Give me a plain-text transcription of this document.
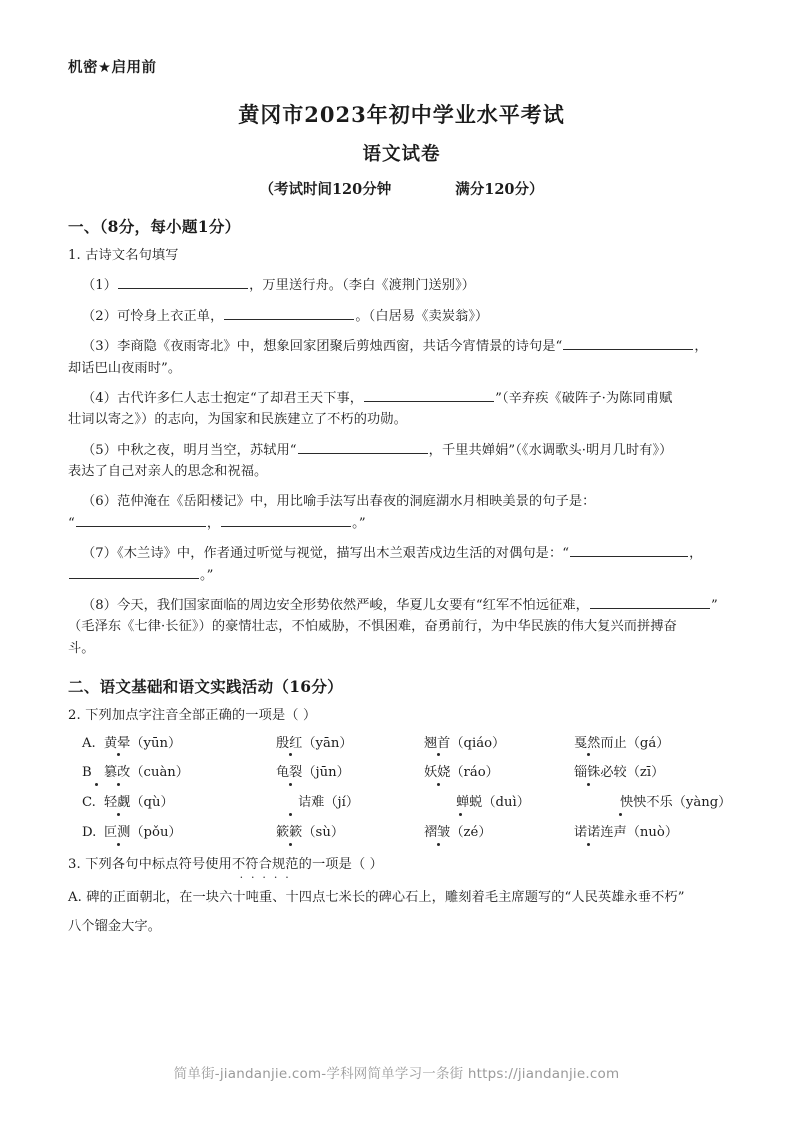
机密★启用前
黄冈市2023年初中学业水平考试
语文试卷
（考试时间120分钟	满分120分）
一、（8分，每小题1分）
1. 古诗文名句填写
（1）	，万里送行舟。（李白《渡荆门送别》）
（2）可怜身上衣正单，	。（白居易《卖炭翁》）
（3）李商隐《夜雨寄北》中，想象回家团聚后剪烛西窗，共话今宵情景的诗句是“	，
却话巴山夜雨时”。
（4）古代许多仁人志士抱定“了却君王天下事，	”（辛弃疾《破阵子·为陈同甫赋
壮词以寄之》）的志向，为国家和民族建立了不朽的功勋。
（5）中秋之夜，明月当空，苏轼用“	，千里共婵娟”（《水调歌头·明月几时有》）
表达了自己对亲人的思念和祝福。
（6）范仲淹在《岳阳楼记》中，用比喻手法写出春夜的洞庭湖水月相映美景的句子是：
“	，	。”
（7）《木兰诗》中，作者通过听觉与视觉，描写出木兰艰苦戍边生活的对偶句是：“	，
。”
（8）今天，我们国家面临的周边安全形势依然严峻，华夏儿女要有“红军不怕远征难，	”
（毛泽东《七律·长征》）的豪情壮志，不怕威胁，不惧困难，奋勇前行，为中华民族的伟大复兴而拼搏奋
斗。
二、语文基础和语文实践活动（16分）
2. 下列加点字注音全部正确的一项是（ ）
A. 黄晕（yūn）	殷红（yān）	翘首（qiáo）	戛然而止（gá）
B 篡改（cuàn）	龟裂（jūn）	妖娆（ráo）	锱铢必较（zī）
C. 轻觑（qù）	诘难（jí）	蝉蜕（duì）	怏怏不乐（yàng）
D. 叵测（pǒu）	簌簌（sù）	褶皱（zé）	诺诺连声（nuò）
3. 下列各句中标点符号使用不符合规范 · · ·的一项是（ ）
A. 碑的正面朝北，在一块六十吨重、十四点七米长的碑心石上，雕刻着毛主席题写的“人民英雄永垂不朽”
八个镏金大字。
简单街-jiandanjie.com-学科网简单学习一条街 https://jiandanjie.com
